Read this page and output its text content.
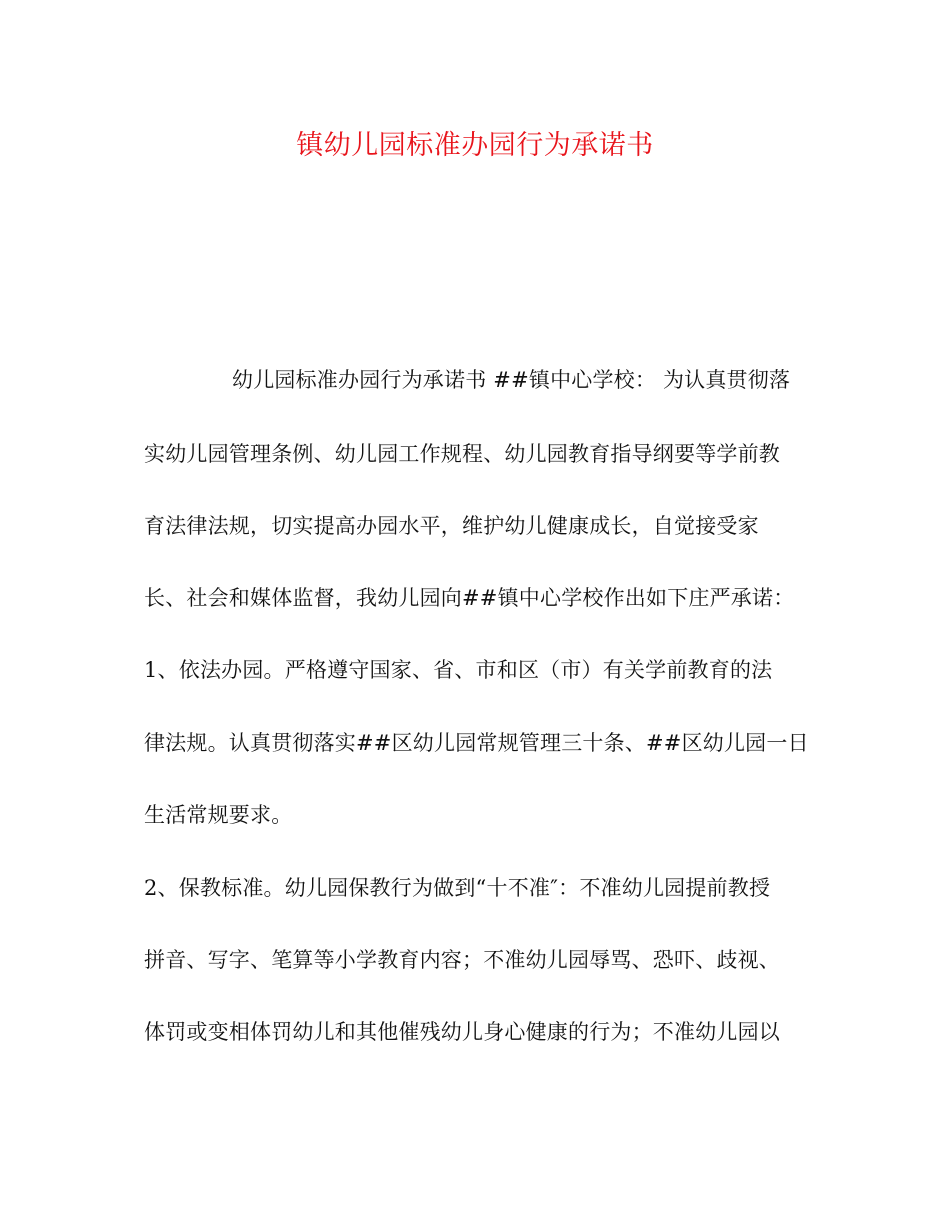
镇幼儿园标准办园行为承诺书
幼儿园标准办园行为承诺书 ##镇中心学校： 为认真贯彻落
实幼儿园管理条例、幼儿园工作规程、幼儿园教育指导纲要等学前教
育法律法规，切实提高办园水平，维护幼儿健康成长，自觉接受家
长、社会和媒体监督，我幼儿园向##镇中心学校作出如下庄严承诺：
1、依法办园。严格遵守国家、省、市和区（市）有关学前教育的法
律法规。认真贯彻落实##区幼儿园常规管理三十条、##区幼儿园一日
生活常规要求。
2、保教标准。幼儿园保教行为做到“十不准″：不准幼儿园提前教授
拼音、写字、笔算等小学教育内容；不准幼儿园辱骂、恐吓、歧视、
体罚或变相体罚幼儿和其他催残幼儿身心健康的行为；不准幼儿园以
